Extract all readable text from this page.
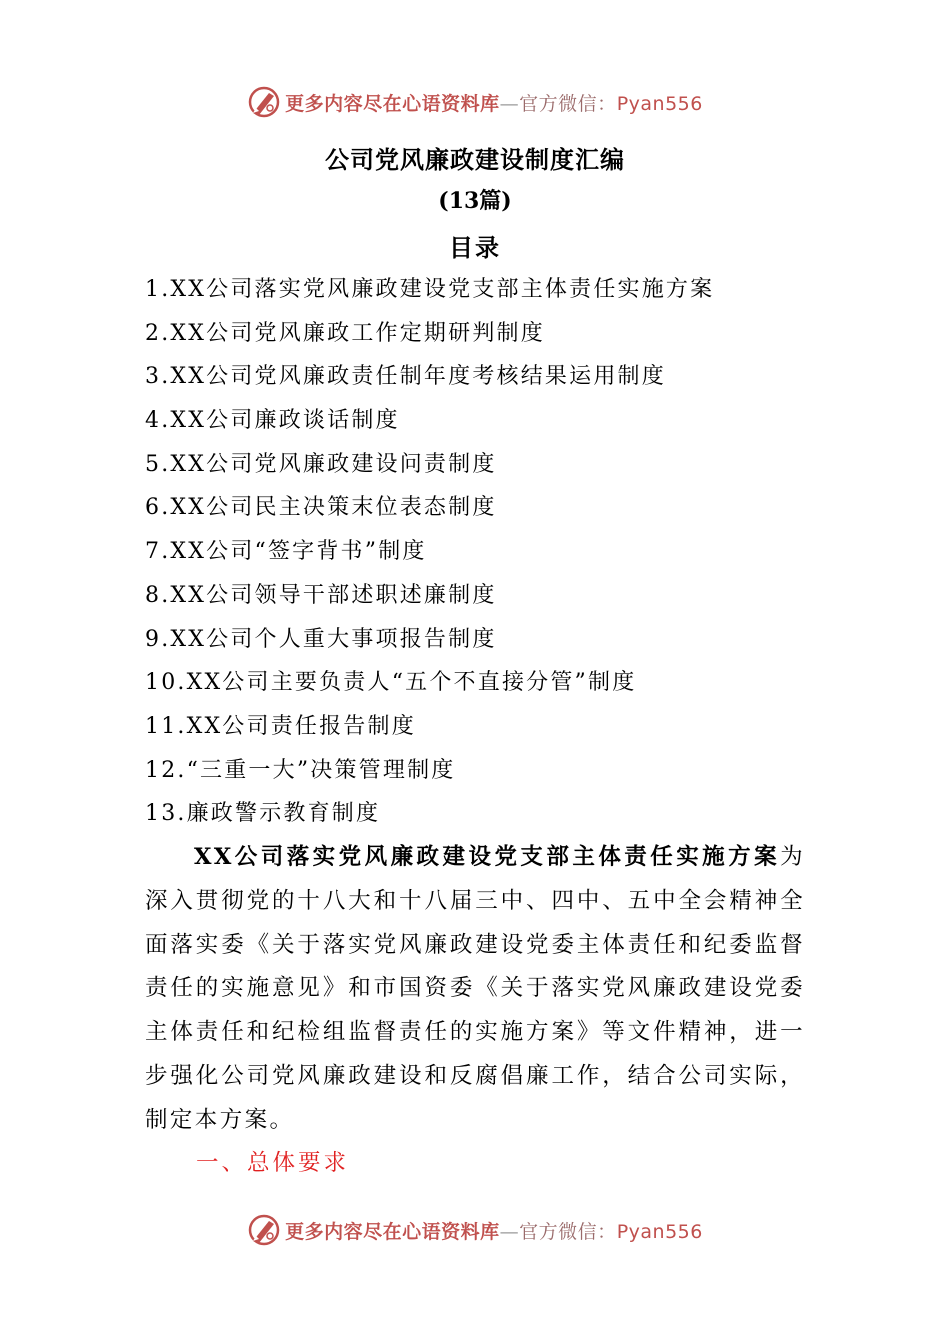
更多内容尽在心语资料库—官方微信：Pyan556
公司党风廉政建设制度汇编
(13篇)
目录
1.XX公司落实党风廉政建设党支部主体责任实施方案
2.XX公司党风廉政工作定期研判制度
3.XX公司党风廉政责任制年度考核结果运用制度
4.XX公司廉政谈话制度
5.XX公司党风廉政建设问责制度
6.XX公司民主决策末位表态制度
7.XX公司“签字背书”制度
8.XX公司领导干部述职述廉制度
9.XX公司个人重大事项报告制度
10.XX公司主要负责人“五个不直接分管”制度
11.XX公司责任报告制度
12.“三重一大”决策管理制度
13.廉政警示教育制度

XX公司落实党风廉政建设党支部主体责任实施方案为深入贯彻党的十八大和十八届三中、四中、五中全会精神全面落实委《关于落实党风廉政建设党委主体责任和纪委监督责任的实施意见》和市国资委《关于落实党风廉政建设党委主体责任和纪检组监督责任的实施方案》等文件精神，进一步强化公司党风廉政建设和反腐倡廉工作，结合公司实际，制定本方案。

一、总体要求
更多内容尽在心语资料库—官方微信：Pyan556
